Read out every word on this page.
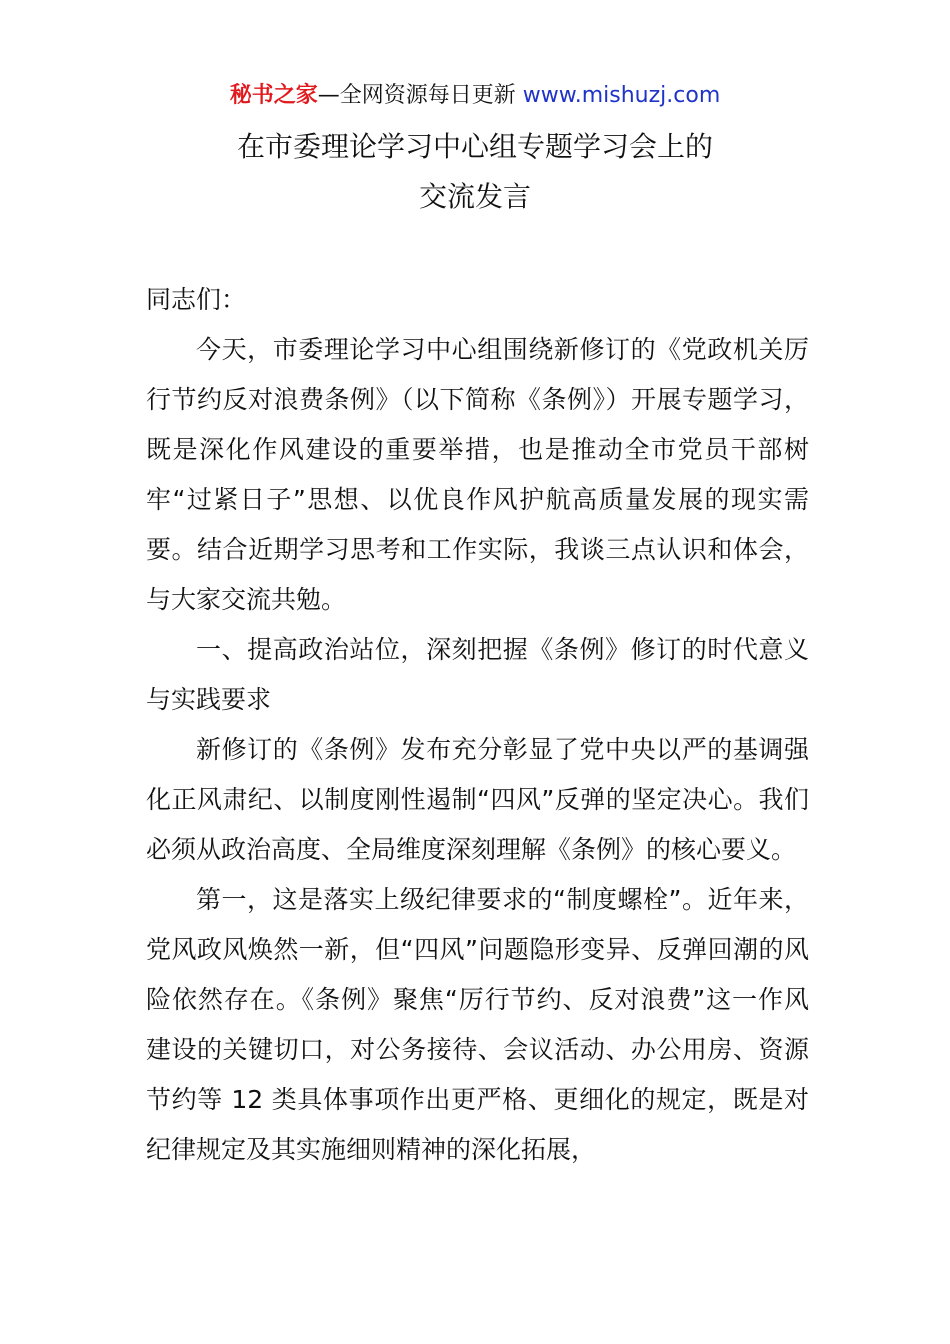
秘书之家—全网资源每日更新 www.mishuzj.com
在市委理论学习中心组专题学习会上的
交流发言

同志们：

今天，市委理论学习中心组围绕新修订的《党政机关厉行节约反对浪费条例》（以下简称《条例》）开展专题学习，既是深化作风建设的重要举措，也是推动全市党员干部树牢“过紧日子”思想、以优良作风护航高质量发展的现实需要。结合近期学习思考和工作实际，我谈三点认识和体会，与大家交流共勉。

一、提高政治站位，深刻把握《条例》修订的时代意义与实践要求

新修订的《条例》发布充分彰显了党中央以严的基调强化正风肃纪、以制度刚性遏制“四风”反弹的坚定决心。我们必须从政治高度、全局维度深刻理解《条例》的核心要义。

第一，这是落实上级纪律要求的“制度螺栓”。近年来，党风政风焕然一新，但“四风”问题隐形变异、反弹回潮的风险依然存在。《条例》聚焦“厉行节约、反对浪费”这一作风建设的关键切口，对公务接待、会议活动、办公用房、资源节约等 12 类具体事项作出更严格、更细化的规定，既是对纪律规定及其实施细则精神的深化拓展，
